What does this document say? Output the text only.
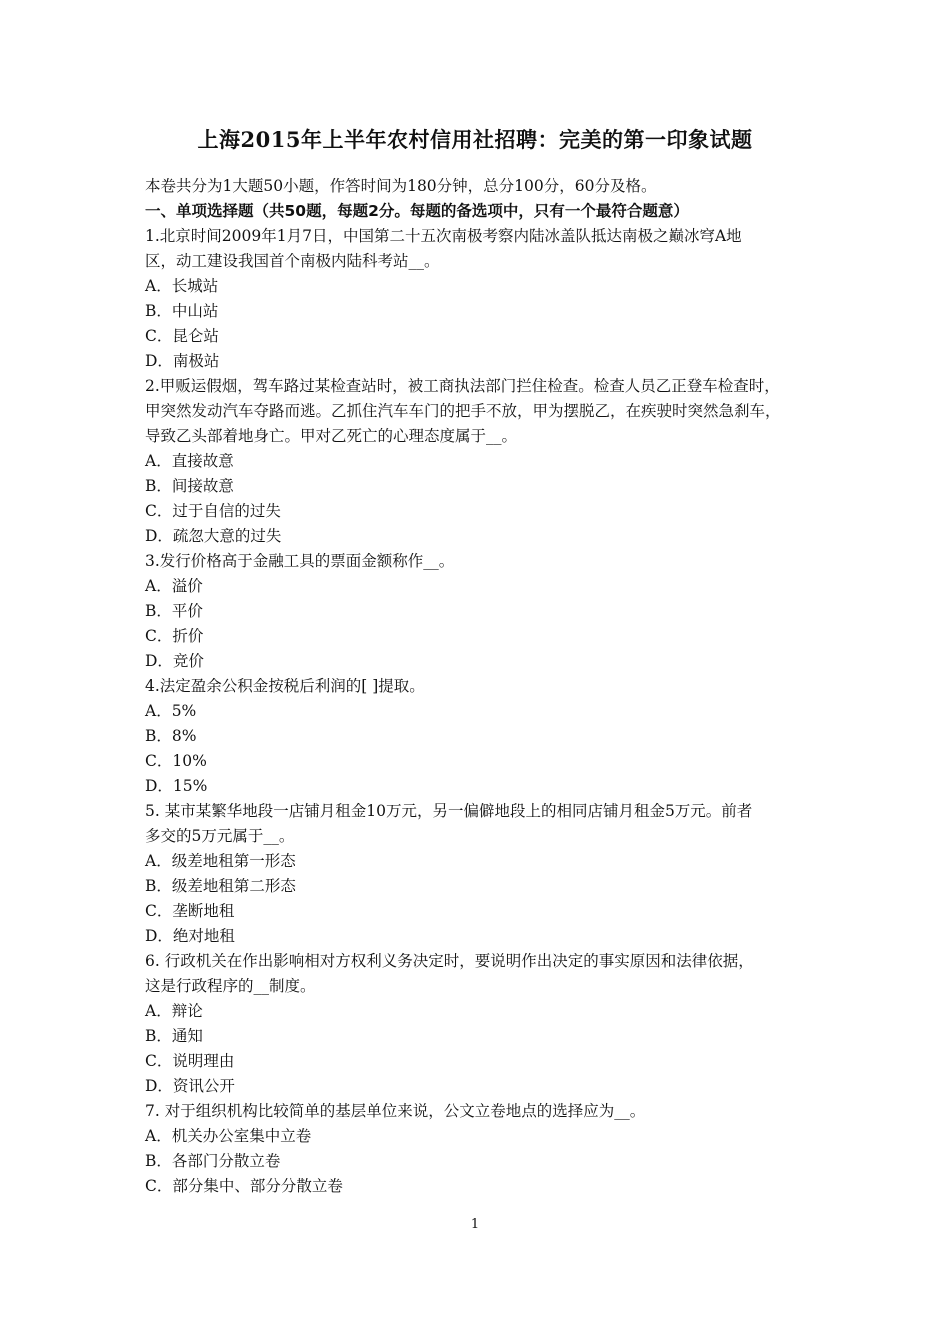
上海2015年上半年农村信用社招聘：完美的第一印象试题
本卷共分为1大题50小题，作答时间为180分钟，总分100分，60分及格。
一、单项选择题（共50题，每题2分。每题的备选项中，只有一个最符合题意）
1.北京时间2009年1月7日，中国第二十五次南极考察内陆冰盖队抵达南极之巅冰穹A地
区，动工建设我国首个南极内陆科考站__。
A．长城站
B．中山站
C．昆仑站
D．南极站
2.甲贩运假烟，驾车路过某检查站时，被工商执法部门拦住检查。检查人员乙正登车检查时，
甲突然发动汽车夺路而逃。乙抓住汽车车门的把手不放，甲为摆脱乙，在疾驶时突然急刹车，
导致乙头部着地身亡。甲对乙死亡的心理态度属于__。
A．直接故意
B．间接故意
C．过于自信的过失
D．疏忽大意的过失
3.发行价格高于金融工具的票面金额称作__。
A．溢价
B．平价
C．折价
D．竞价
4.法定盈余公积金按税后利润的[ ]提取。
A．5%
B．8%
C．10%
D．15%
5. 某市某繁华地段一店铺月租金10万元，另一偏僻地段上的相同店铺月租金5万元。前者
多交的5万元属于__。
A．级差地租第一形态
B．级差地租第二形态
C．垄断地租
D．绝对地租
6. 行政机关在作出影响相对方权利义务决定时，要说明作出决定的事实原因和法律依据，
这是行政程序的__制度。
A．辩论
B．通知
C．说明理由
D．资讯公开
7. 对于组织机构比较简单的基层单位来说，公文立卷地点的选择应为__。
A．机关办公室集中立卷
B．各部门分散立卷
C．部分集中、部分分散立卷
1
